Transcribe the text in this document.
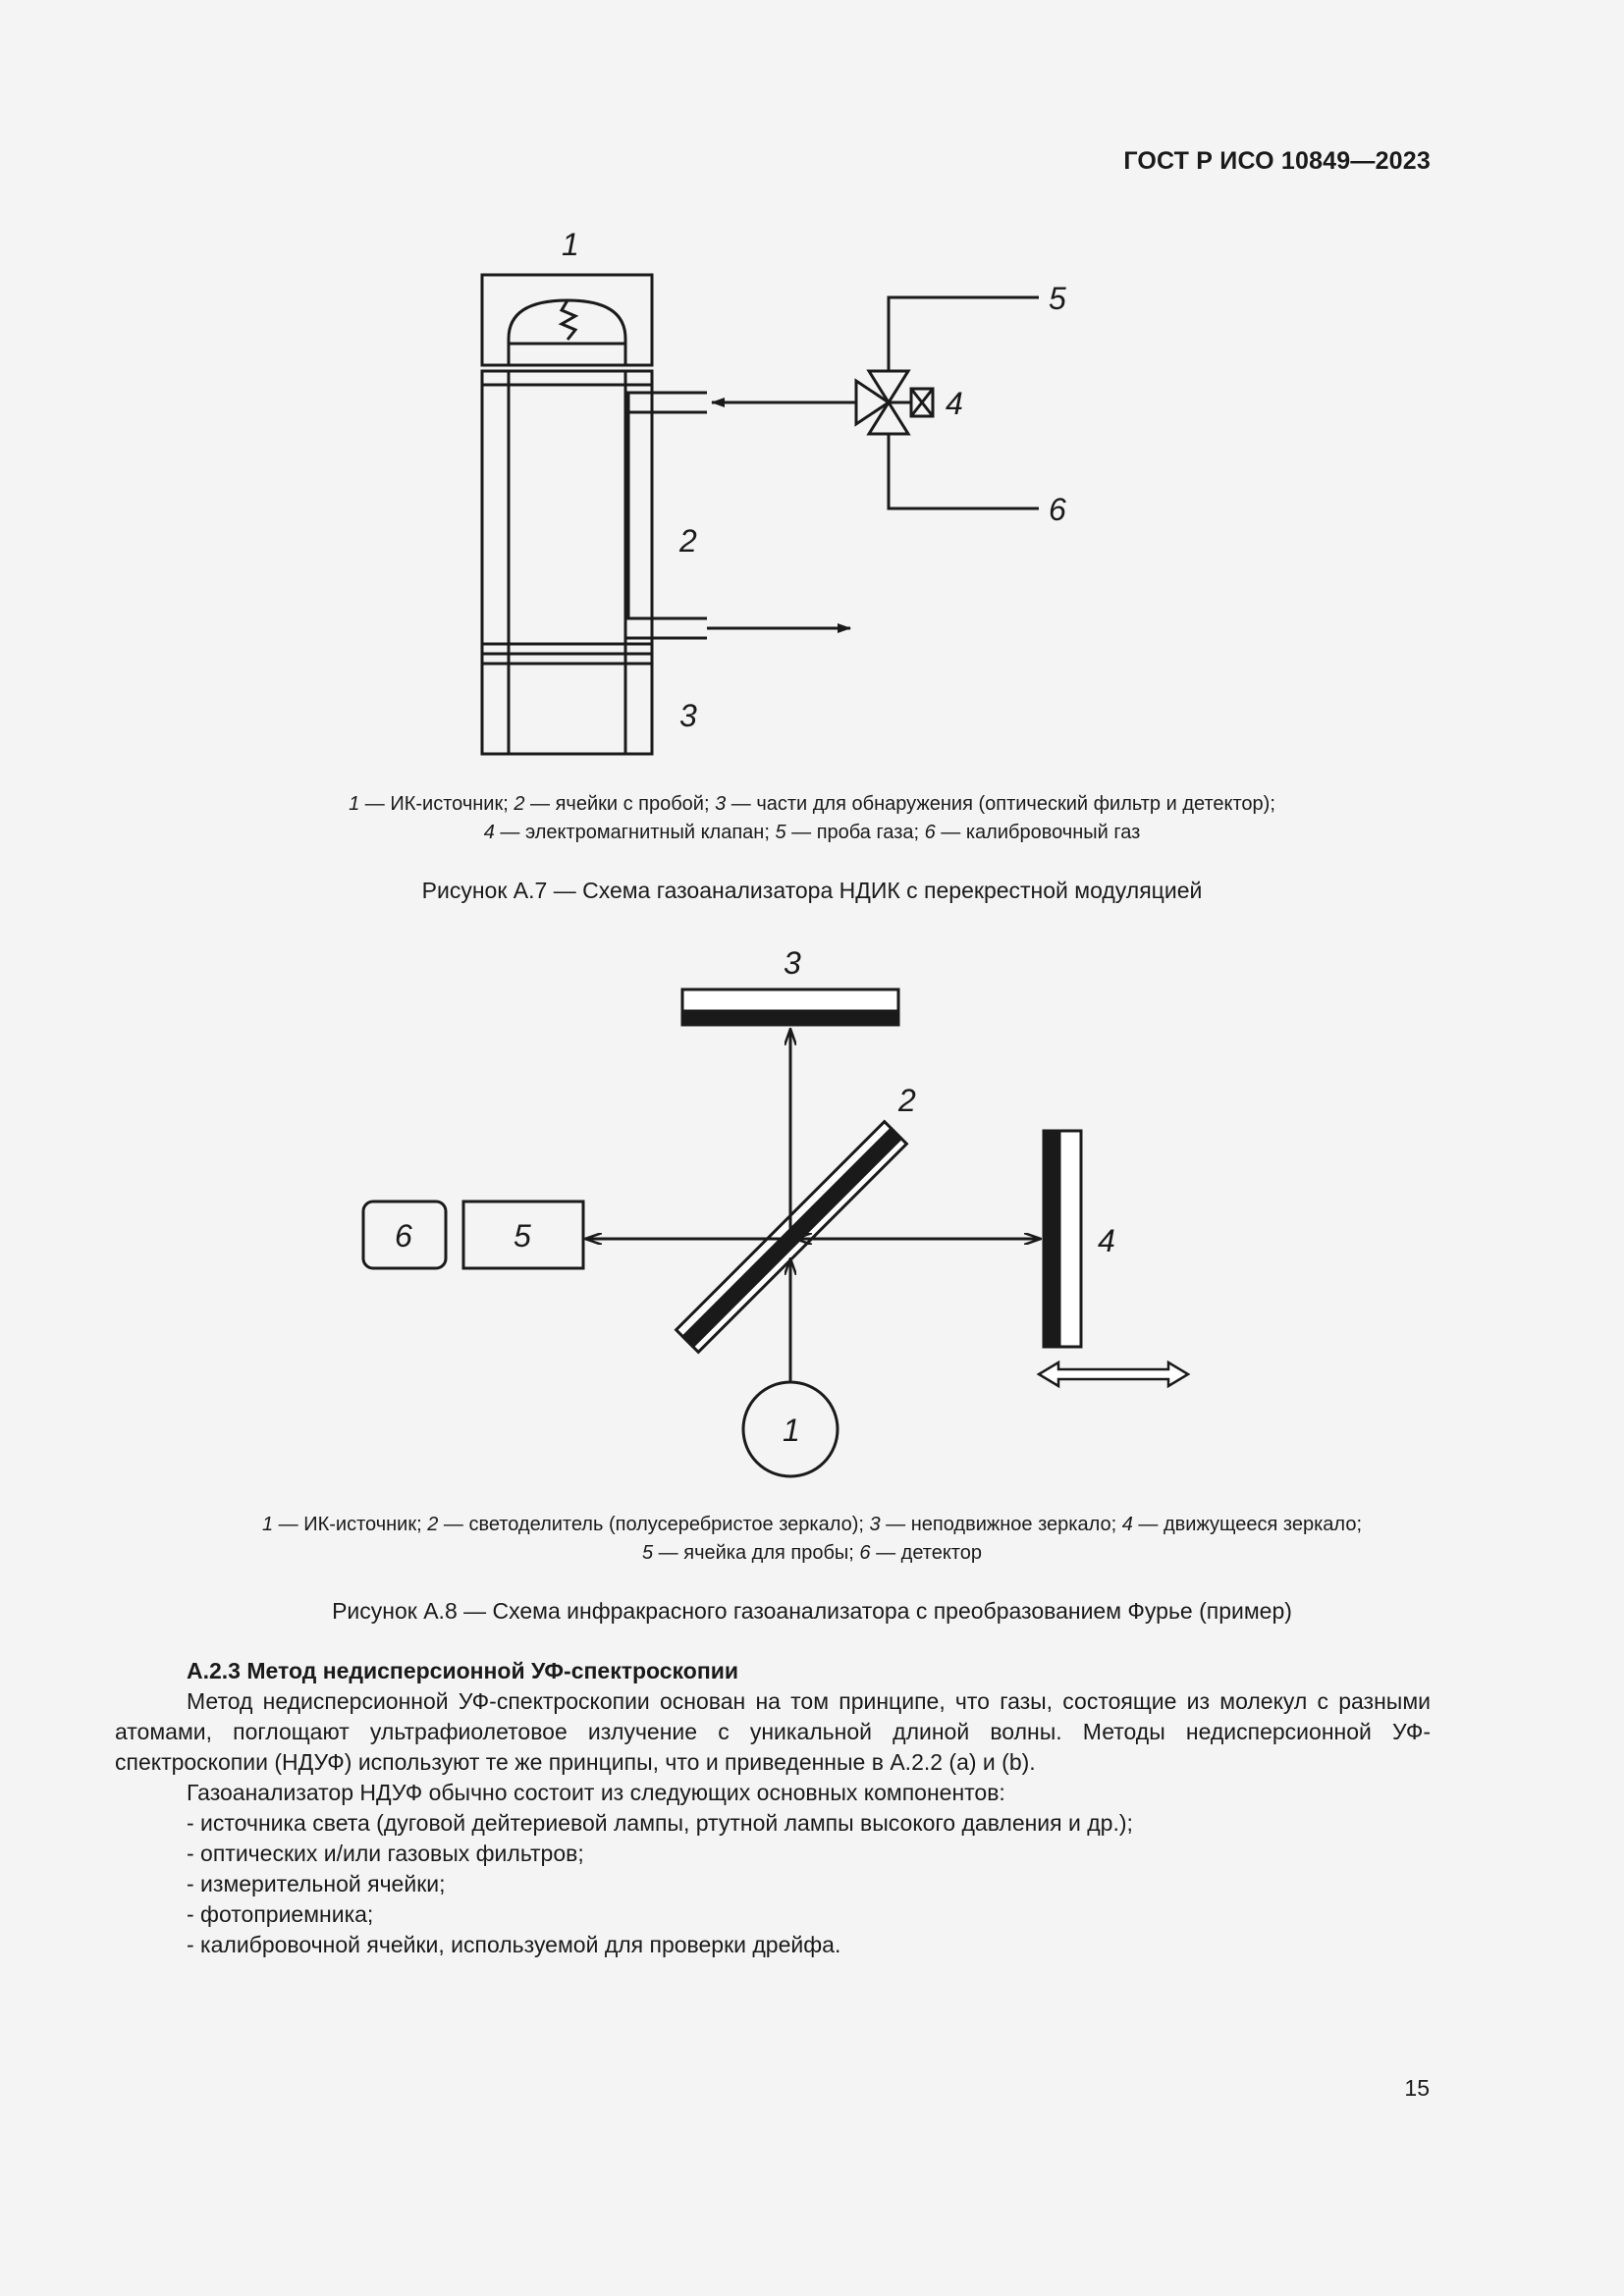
ГОСТ Р ИСО 10849—2023
1
2
3
4
5
6
1 — ИК-источник; 2 — ячейки с пробой; 3 — части для обнаружения (оптический фильтр и детектор);
4 — электромагнитный клапан; 5 — проба газа; 6 — калибровочный газ
Рисунок А.7 — Схема газоанализатора НДИК с перекрестной модуляцией
3
2
4
5
6
1
1 — ИК-источник; 2 — светоделитель (полусеребристое зеркало); 3 — неподвижное зеркало; 4 — движущееся зеркало;
5 — ячейка для пробы; 6 — детектор
Рисунок А.8 — Схема инфракрасного газоанализатора с преобразованием Фурье (пример)

А.2.3 Метод недисперсионной УФ-спектроскопии

Метод недисперсионной УФ-спектроскопии основан на том принципе, что газы, состоящие из молекул с разными атомами, поглощают ультрафиолетовое излучение с уникальной длиной волны. Методы недисперсионной УФ-спектроскопии (НДУФ) используют те же принципы, что и приведенные в А.2.2 (а) и (b).

Газоанализатор НДУФ обычно состоит из следующих основных компонентов:

- источника света (дуговой дейтериевой лампы, ртутной лампы высокого давления и др.);

- оптических и/или газовых фильтров;

- измерительной ячейки;

- фотоприемника;

- калибровочной ячейки, используемой для проверки дрейфа.

15
